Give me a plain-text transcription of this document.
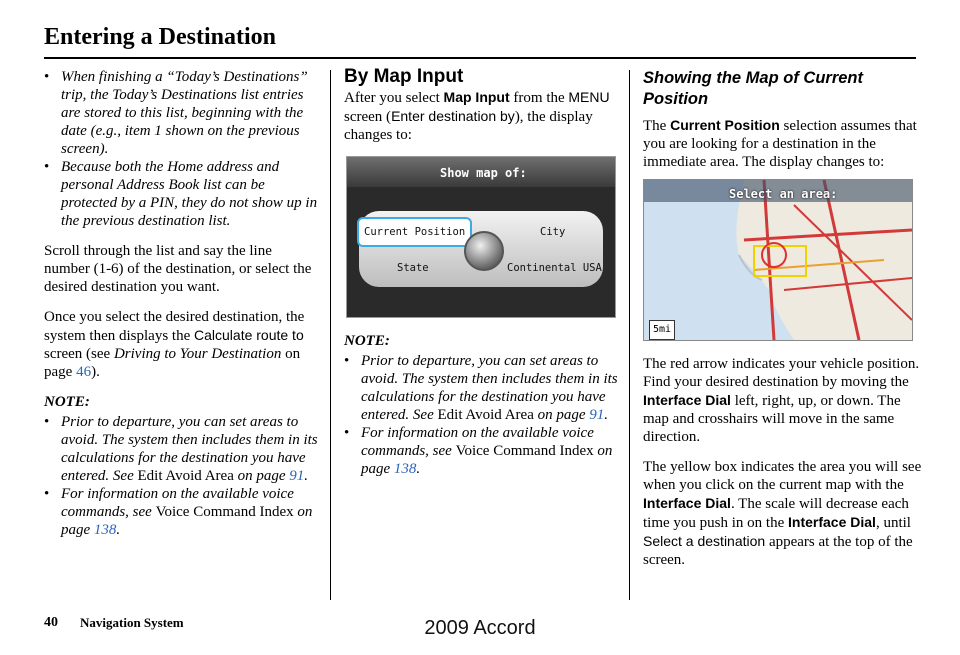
Entering a Destination
• When finishing a “Today’s Destinations” trip, the Today’s Destinations list entries are stored to this list, beginning with the date (e.g., item 1 shown on the previous screen).
• Because both the Home address and personal Address Book list can be protected by a PIN, they do not show up in the previous destination list.

Scroll through the list and say the line number (1-6) of the destination, or select the desired destination you want.

Once you select the desired destination, the system then displays the Calculate route to screen (see Driving to Your Destination on page 46).

NOTE:
• Prior to departure, you can set areas to avoid. The system then includes them in its calculations for the destination you have entered. See Edit Avoid Area on page 91.
• For information on the available voice commands, see Voice Command Index on page 138.
By Map Input

After you select Map Input from the MENU screen (Enter destination by), the display changes to:

Show map of:
Current Position	City
State	Continental USA
NOTE:
• Prior to departure, you can set areas to avoid. The system then includes them in its calculations for the destination you have entered. See Edit Avoid Area on page 91.
• For information on the available voice commands, see Voice Command Index on page 138.
Showing the Map of Current Position

The Current Position selection assumes that you are looking for a destination in the immediate area. The display changes to:

Select an area:
5mi

The red arrow indicates your vehicle position. Find your desired destination by moving the Interface Dial left, right, up, or down. The map and crosshairs will move in the same direction.

The yellow box indicates the area you will see when you click on the current map with the Interface Dial. The scale will decrease each time you push in on the Interface Dial, until Select a destination appears at the top of the screen.

40 Navigation System	2009 Accord
